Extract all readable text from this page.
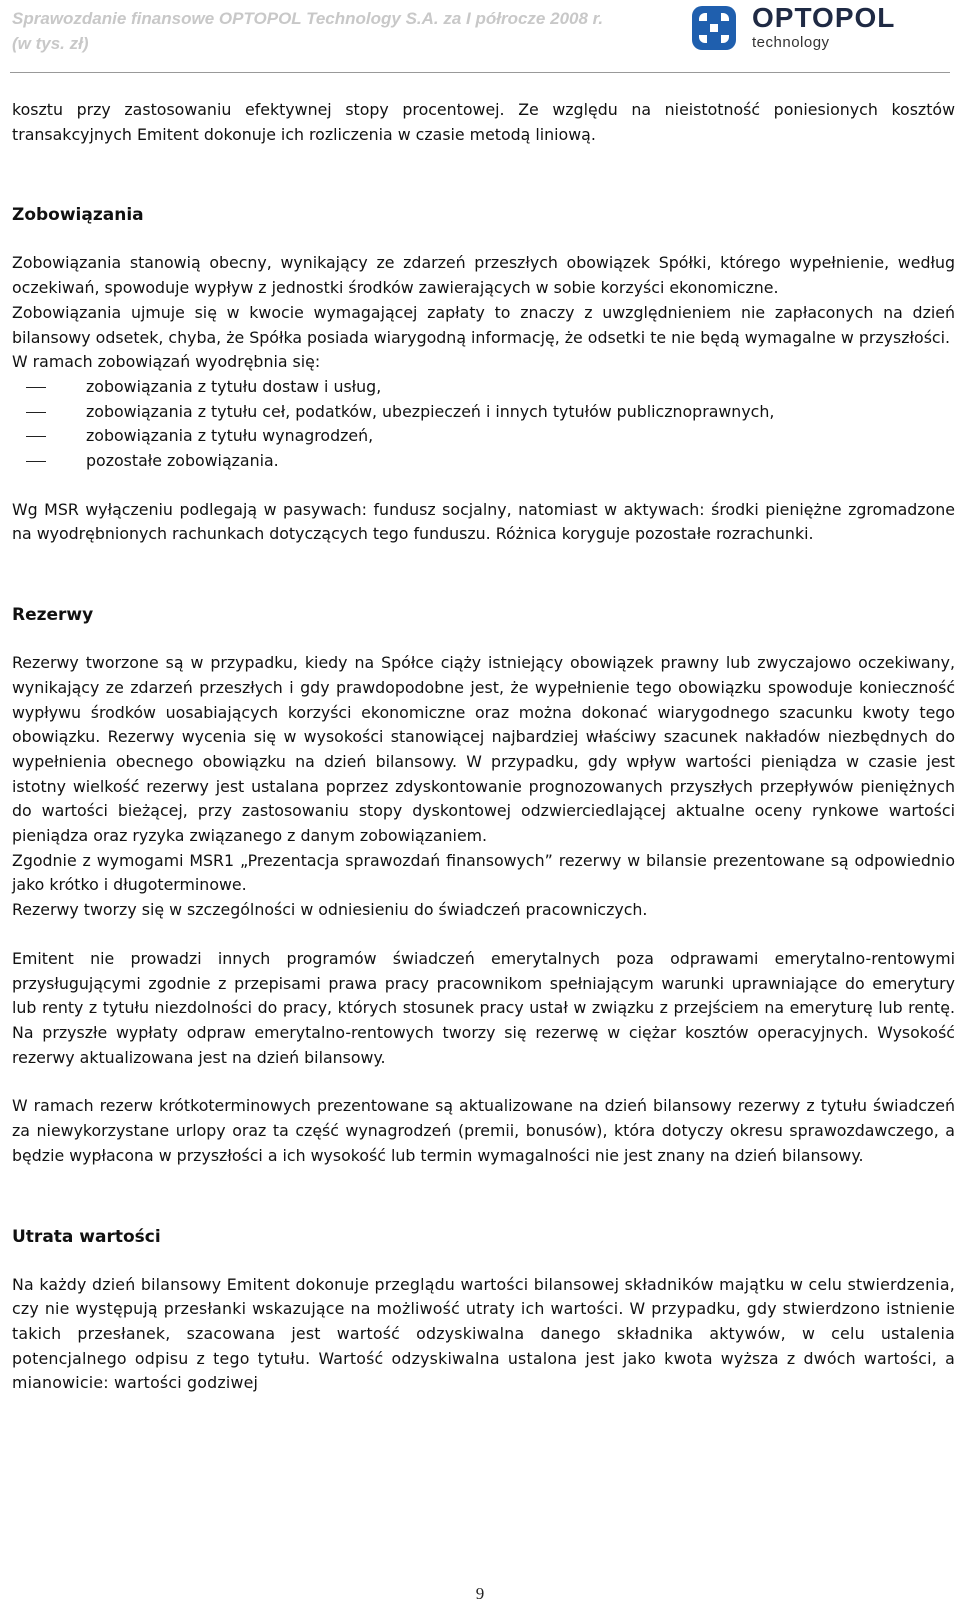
Sprawozdanie finansowe OPTOPOL Technology S.A. za I półrocze 2008 r.
(w tys. zł)
OPTOPOL
technology

kosztu przy zastosowaniu efektywnej stopy procentowej. Ze względu na nieistotność poniesionych kosztów transakcyjnych Emitent dokonuje ich rozliczenia w czasie metodą liniową.

Zobowiązania

Zobowiązania stanowią obecny, wynikający ze zdarzeń przeszłych obowiązek Spółki, którego wypełnienie, według oczekiwań, spowoduje wypływ z jednostki środków zawierających w sobie korzyści ekonomiczne.

Zobowiązania ujmuje się w kwocie wymagającej zapłaty to znaczy z uwzględnieniem nie zapłaconych na dzień bilansowy odsetek, chyba, że Spółka posiada wiarygodną informację, że odsetki te nie będą wymagalne w przyszłości.

W ramach zobowiązań wyodrębnia się:

zobowiązania z tytułu dostaw i usług,
zobowiązania z tytułu ceł, podatków, ubezpieczeń i innych tytułów publicznoprawnych,
zobowiązania z tytułu wynagrodzeń,
pozostałe zobowiązania.

Wg MSR wyłączeniu podlegają w pasywach: fundusz socjalny, natomiast w aktywach: środki pieniężne zgromadzone na wyodrębnionych rachunkach dotyczących tego funduszu. Różnica koryguje pozostałe rozrachunki.

Rezerwy

Rezerwy tworzone są w przypadku, kiedy na Spółce ciąży istniejący obowiązek prawny lub zwyczajowo oczekiwany, wynikający ze zdarzeń przeszłych i gdy prawdopodobne jest, że wypełnienie tego obowiązku spowoduje konieczność wypływu środków uosabiających korzyści ekonomiczne oraz można dokonać wiarygodnego szacunku kwoty tego obowiązku. Rezerwy wycenia się w wysokości stanowiącej najbardziej właściwy szacunek nakładów niezbędnych do wypełnienia obecnego obowiązku na dzień bilansowy. W przypadku, gdy wpływ wartości pieniądza w czasie jest istotny wielkość rezerwy jest ustalana poprzez zdyskontowanie prognozowanych przyszłych przepływów pieniężnych do wartości bieżącej, przy zastosowaniu stopy dyskontowej odzwierciedlającej aktualne oceny rynkowe wartości pieniądza oraz ryzyka związanego z danym zobowiązaniem.

Zgodnie z wymogami MSR1 „Prezentacja sprawozdań finansowych” rezerwy w bilansie prezentowane są odpowiednio jako krótko i długoterminowe.

Rezerwy tworzy się w szczególności w odniesieniu do świadczeń pracowniczych.

Emitent nie prowadzi innych programów świadczeń emerytalnych poza odprawami emerytalno-rentowymi przysługującymi zgodnie z przepisami prawa pracy pracownikom spełniającym warunki uprawniające do emerytury lub renty z tytułu niezdolności do pracy, których stosunek pracy ustał w związku z przejściem na emeryturę lub rentę. Na przyszłe wypłaty odpraw emerytalno-rentowych tworzy się rezerwę w ciężar kosztów operacyjnych. Wysokość rezerwy aktualizowana jest na dzień bilansowy.

W ramach rezerw krótkoterminowych prezentowane są aktualizowane na dzień bilansowy rezerwy z tytułu świadczeń za niewykorzystane urlopy oraz ta część wynagrodzeń (premii, bonusów), która dotyczy okresu sprawozdawczego, a będzie wypłacona w przyszłości a ich wysokość lub termin wymagalności nie jest znany na dzień bilansowy.

Utrata wartości

Na każdy dzień bilansowy Emitent dokonuje przeglądu wartości bilansowej składników majątku w celu stwierdzenia, czy nie występują przesłanki wskazujące na możliwość utraty ich wartości. W przypadku, gdy stwierdzono istnienie takich przesłanek, szacowana jest wartość odzyskiwalna danego składnika aktywów, w celu ustalenia potencjalnego odpisu z tego tytułu. Wartość odzyskiwalna ustalona jest jako kwota wyższa z dwóch wartości, a mianowicie: wartości godziwej

9
